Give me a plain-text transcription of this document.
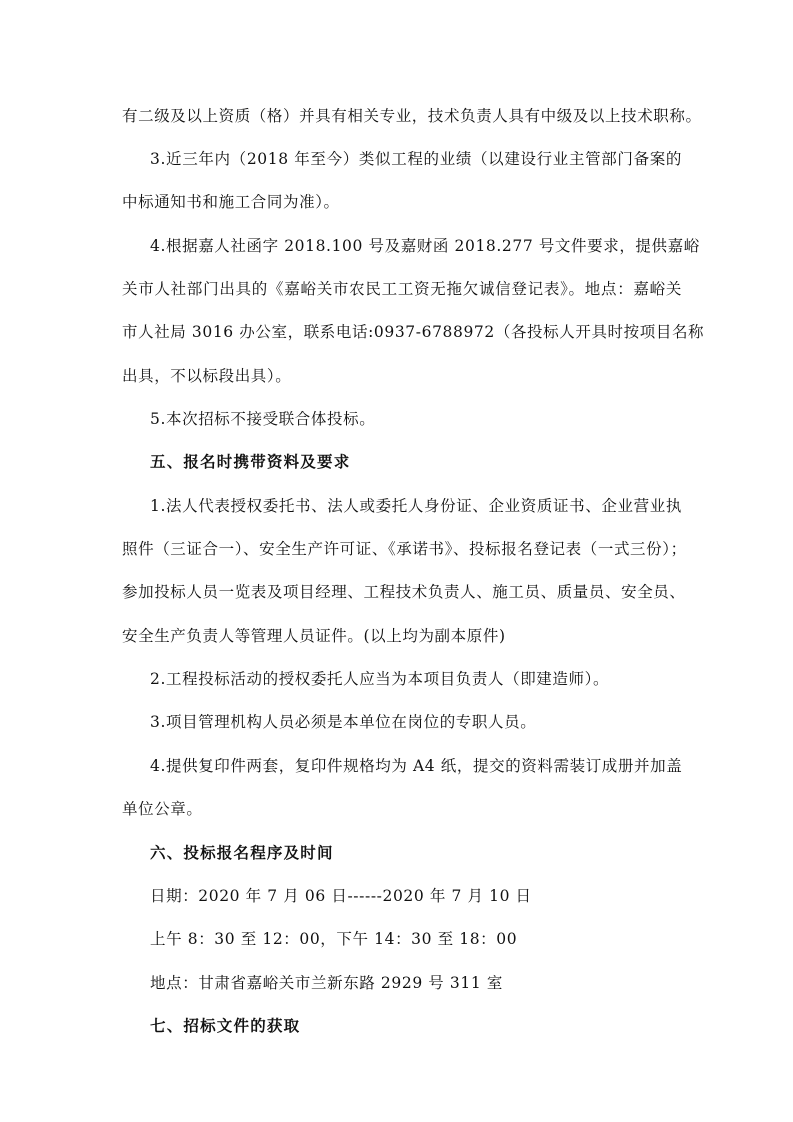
有二级及以上资质（格）并具有相关专业，技术负责人具有中级及以上技术职称。
3.近三年内（2018 年至今）类似工程的业绩（以建设行业主管部门备案的
中标通知书和施工合同为准）。
4.根据嘉人社函字 2018.100 号及嘉财函 2018.277 号文件要求，提供嘉峪
关市人社部门出具的《嘉峪关市农民工工资无拖欠诚信登记表》。地点：嘉峪关
市人社局 3016 办公室，联系电话:0937-6788972（各投标人开具时按项目名称
出具，不以标段出具）。
5.本次招标不接受联合体投标。
五、报名时携带资料及要求
1.法人代表授权委托书、法人或委托人身份证、企业资质证书、企业营业执
照件（三证合一）、安全生产许可证、《承诺书》、投标报名登记表（一式三份）；
参加投标人员一览表及项目经理、工程技术负责人、施工员、质量员、安全员、
安全生产负责人等管理人员证件。(以上均为副本原件)
2.工程投标活动的授权委托人应当为本项目负责人（即建造师）。
3.项目管理机构人员必须是本单位在岗位的专职人员。
4.提供复印件两套，复印件规格均为 A4 纸，提交的资料需装订成册并加盖
单位公章。
六、投标报名程序及时间
日期：2020 年 7 月 06 日------2020 年 7 月 10 日
上午 8：30 至 12：00，下午 14：30 至 18：00
地点：甘肃省嘉峪关市兰新东路 2929 号 311 室
七、招标文件的获取
